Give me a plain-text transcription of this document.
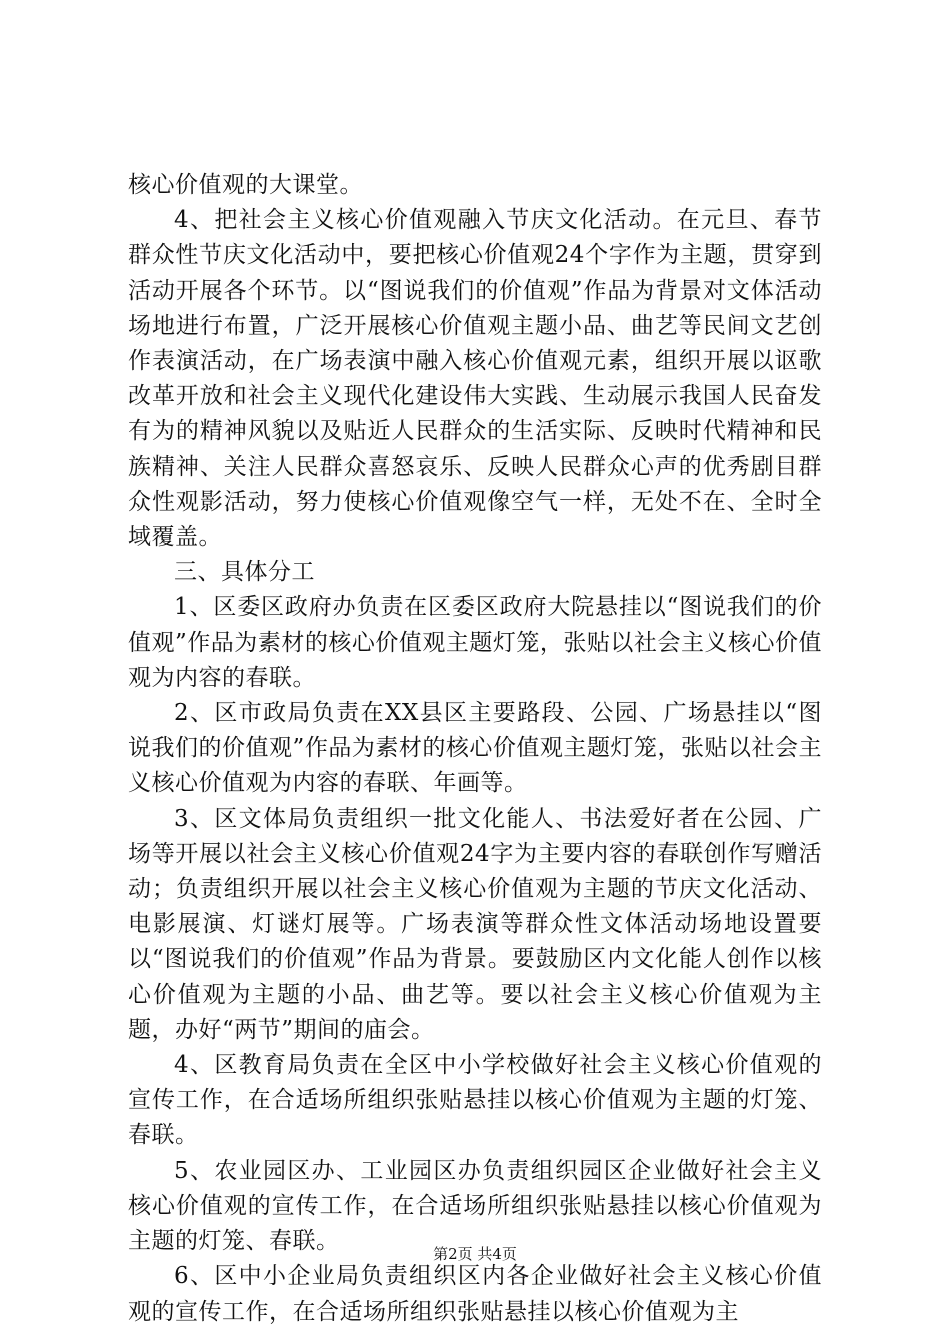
核心价值观的大课堂。

4、把社会主义核心价值观融入节庆文化活动。在元旦、春节群众性节庆文化活动中，要把核心价值观24个字作为主题，贯穿到活动开展各个环节。以“图说我们的价值观”作品为背景对文体活动场地进行布置，广泛开展核心价值观主题小品、曲艺等民间文艺创作表演活动，在广场表演中融入核心价值观元素，组织开展以讴歌改革开放和社会主义现代化建设伟大实践、生动展示我国人民奋发有为的精神风貌以及贴近人民群众的生活实际、反映时代精神和民族精神、关注人民群众喜怒哀乐、反映人民群众心声的优秀剧目群众性观影活动，努力使核心价值观像空气一样，无处不在、全时全域覆盖。

三、具体分工

1、区委区政府办负责在区委区政府大院悬挂以“图说我们的价值观”作品为素材的核心价值观主题灯笼，张贴以社会主义核心价值观为内容的春联。

2、区市政局负责在XX县区主要路段、公园、广场悬挂以“图说我们的价值观”作品为素材的核心价值观主题灯笼，张贴以社会主义核心价值观为内容的春联、年画等。

3、区文体局负责组织一批文化能人、书法爱好者在公园、广场等开展以社会主义核心价值观24字为主要内容的春联创作写赠活动；负责组织开展以社会主义核心价值观为主题的节庆文化活动、电影展演、灯谜灯展等。广场表演等群众性文体活动场地设置要以“图说我们的价值观”作品为背景。要鼓励区内文化能人创作以核心价值观为主题的小品、曲艺等。要以社会主义核心价值观为主题，办好“两节”期间的庙会。

4、区教育局负责在全区中小学校做好社会主义核心价值观的宣传工作，在合适场所组织张贴悬挂以核心价值观为主题的灯笼、春联。

5、农业园区办、工业园区办负责组织园区企业做好社会主义核心价值观的宣传工作，在合适场所组织张贴悬挂以核心价值观为主题的灯笼、春联。

6、区中小企业局负责组织区内各企业做好社会主义核心价值观的宣传工作，在合适场所组织张贴悬挂以核心价值观为主

第2页 共4页
